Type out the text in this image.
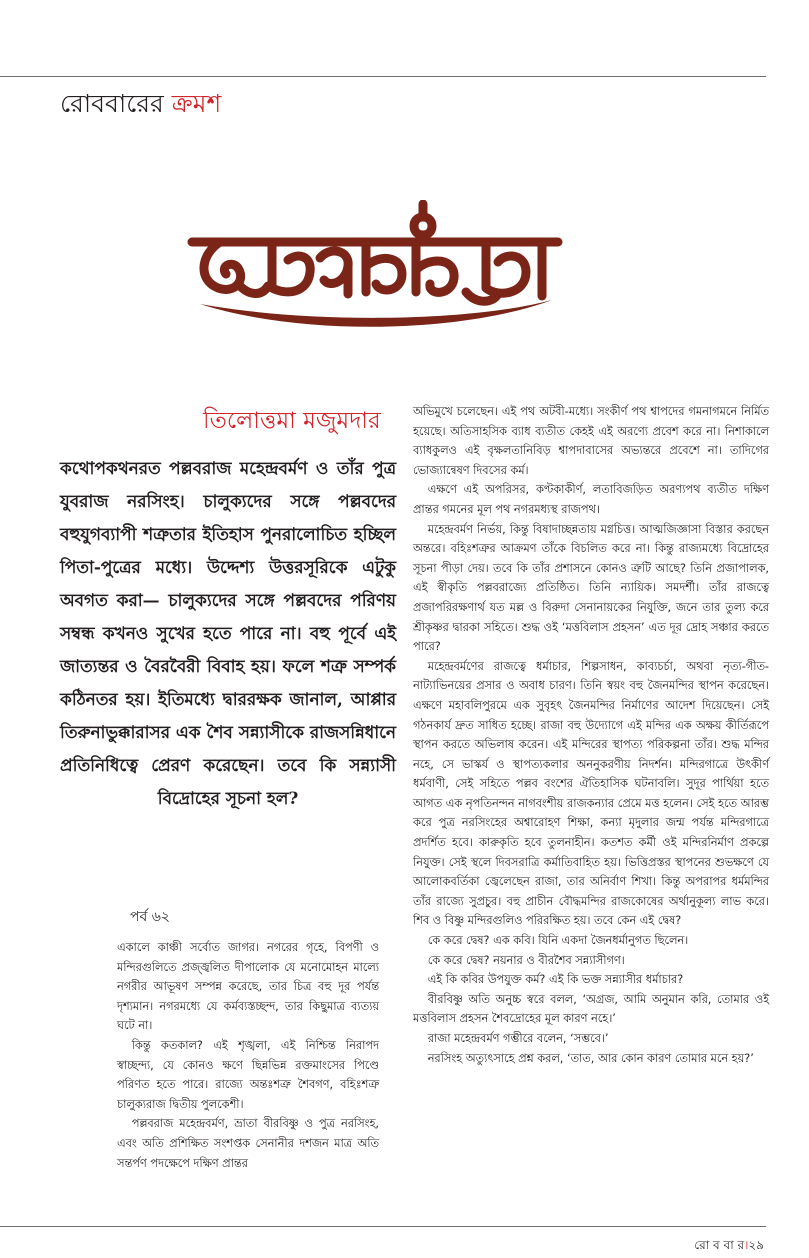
রোববারের ক্রমশ
তিলোত্তমা মজুমদার
কথোপকথনরত পল্লবরাজ মহেন্দ্রবর্মণ ও তাঁর পুত্র যুবরাজ নরসিংহ। চালুক্যদের সঙ্গে পল্লবদের বহুযুগব্যাপী শত্রুতার ইতিহাস পুনরালোচিত হচ্ছিল পিতা-পুত্রের মধ্যে। উদ্দেশ্য উত্তরসূরিকে এটুকু অবগত করা— চালুক্যদের সঙ্গে পল্লবদের পরিণয় সম্বন্ধ কখনও সুখের হতে পারে না। বহু পূর্বে এই জাত্যন্তর ও বৈরবৈরী বিবাহ হয়। ফলে শত্রু সম্পর্ক কঠিনতর হয়। ইতিমধ্যে দ্বাররক্ষক জানাল, আপ্পার তিরুনাভুক্কারাসর এক শৈব সন্ন্যাসীকে রাজসন্নিধানে প্রতিনিধিত্বে প্রেরণ করেছেন। তবে কি সন্ন্যাসী বিদ্রোহের সূচনা হল?
পর্ব ৬২

একালে কাঞ্চী সর্বোত জাগর। নগরের গৃহে, বিপণী ও মন্দিরগুলিতে প্রজ্জ্বলিত দীপালোক যে মনোমোহন মাল্যে নগরীর আভূষণ সম্পন্ন করেছে, তার চিত্র বহু দূর পর্যন্ত দৃশ্যমান। নগরমধ্যে যে কর্মব্যস্তচ্ছন্দ, তার কিছুমাত্র ব্যত্যয় ঘটে না।

কিন্তু কতকাল? এই শৃঙ্খলা, এই নিশ্চিন্ত নিরাপদ স্বাচ্ছন্দ্য, যে কোনও ক্ষণে ছিন্নভিন্ন রক্তমাংসের পিণ্ডে পরিণত হতে পারে। রাজ্যে অন্তঃশত্রু শৈবগণ, বহিঃশত্রু চালুক্যরাজ দ্বিতীয় পুলকেশী।

পল্লবরাজ মহেন্দ্রবর্মণ, ভ্রাতা বীরবিষ্ণু ও পুত্র নরসিংহ, এবং অতি প্রশিক্ষিত সংশপ্তক সেনানীর দশজন মাত্র অতি সন্তর্পণ পদক্ষেপে দক্ষিণ প্রান্তর

অভিমুখে চলেছেন। এই পথ অটবী-মধ্যে। সংকীর্ণ পথ শ্বাপদের গমনাগমনে নির্মিত হয়েছে। অতিসাহসিক ব্যাধ ব্যতীত কেহই এই অরণ্যে প্রবেশ করে না। নিশাকালে ব্যাধকুলও এই বৃক্ষলতানিবিড় শ্বাপদাবাসের অভ্যন্তরে প্রবেশে না। তাদিগের ভোজ্যান্বেষণ দিবসের কর্ম।

এক্ষণে এই অপরিসর, কণ্টকাকীর্ণ, লতাবিজড়িত অরণ্যপথ ব্যতীত দক্ষিণ প্রান্তর গমনের মূল পথ নগরমধ্যস্থ রাজপথ।

মহেন্দ্রবর্মণ নির্ভয়, কিন্তু বিষাদাচ্ছন্নতায় মগ্নচিত্ত। আত্মজিজ্ঞাসা বিস্তার করছেন অন্তরে। বহিঃশত্রুর আক্রমণ তাঁকে বিচলিত করে না। কিন্তু রাজ্যমধ্যে বিদ্রোহের সূচনা পীড়া দেয়। তবে কি তাঁর প্রশাসনে কোনও ত্রুটি আছে? তিনি প্রজাপালক, এই স্বীকৃতি পল্লবরাজ্যে প্রতিষ্ঠিত। তিনি ন্যায়িক। সমদর্শী। তাঁর রাজত্বে প্রজাপরিরক্ষণার্থ যত মল্ল ও বিরুদা সেনানায়কের নিযুক্তি, জনে তার তুল্য করে শ্রীকৃষ্ণর দ্বারকা সহিতে। শুদ্ধ ওই ‘মত্তবিলাস প্রহসন’ এত দূর দ্রোহ সঞ্চার করতে পারে?

মহেন্দ্রবর্মণের রাজত্বে ধর্মাচার, শিল্পসাধন, কাব্যচর্চা, অথবা নৃত্য-গীত-নাট্যাভিনয়ের প্রসার ও অবাধ চারণ। তিনি স্বয়ং বহু জৈনমন্দির স্থাপন করেছেন। এক্ষণে মহাবলিপুরমে এক সুবৃহৎ জৈনমন্দির নির্মাণের আদেশ দিয়েছেন। সেই গঠনকার্য দ্রুত সাধিত হচ্ছে। রাজা বহু উদ্যোগে এই মন্দির এক অক্ষয় কীর্তিরূপে স্থাপন করতে অভিলাষ করেন। এই মন্দিরের স্থাপত্য পরিকল্পনা তাঁর। শুদ্ধ মন্দির নহে, সে ভাস্কর্য ও স্থাপত্যকলার অননুকরণীয় নিদর্শন। মন্দিরগাত্রে উৎকীর্ণ ধর্মবাণী, সেই সহিতে পল্লব বংশের ঐতিহাসিক ঘটনাবলি। সুদূর পার্থিয়া হতে আগত এক নৃপতিনন্দন নাগবংশীয় রাজকন্যার প্রেমে মত্ত হলেন। সেই হতে আরম্ভ করে পুত্র নরসিংহের অশ্বারোহণ শিক্ষা, কন্যা মৃদুলার জন্ম পর্যন্ত মন্দিরগাত্রে প্রদর্শিত হবে। কারুকৃতি হবে তুলনাহীন। কতশত কর্মী ওই মন্দিরনির্মাণ প্রকল্পে নিযুক্ত। সেই স্থলে দিবসরাত্রি কর্মাতিবাহিত হয়। ভিত্তিপ্রস্তর স্থাপনের শুভক্ষণে যে আলোকবর্তিকা জ্বেলেছেন রাজা, তার অনির্বাণ শিখা। কিন্তু অপরাপর ধর্মমন্দির তাঁর রাজ্যে সুপ্রচুর। বহু প্রাচীন বৌদ্ধমন্দির রাজকোষের অর্থানুকূল্য লাভ করে। শিব ও বিষ্ণু মন্দিরগুলিও পরিরক্ষিত হয়। তবে কেন এই দ্বেষ?

কে করে দ্বেষ? এক কবি। যিনি একদা জৈনধর্মানুগত ছিলেন।

কে করে দ্বেষ? নয়নার ও বীরশৈব সন্ন্যাসীগণ।

এই কি কবির উপযুক্ত কর্ম? এই কি ভক্ত সন্ন্যাসীর ধর্মাচার?

বীরবিষ্ণু অতি অনুচ্চ স্বরে বলল, ‘অগ্রজ, আমি অনুমান করি, তোমার ওই মত্তবিলাস প্রহসন শৈবদ্রোহের মূল কারণ নহে।’

রাজা মহেন্দ্রবর্মণ গম্ভীরে বলেন, ‘সম্ভবে।’

নরসিংহ অত্যুৎসাহে প্রশ্ন করল, ‘তাত, আর কোন কারণ তোমার মনে হয়?’

রো ব বা র।২৯
